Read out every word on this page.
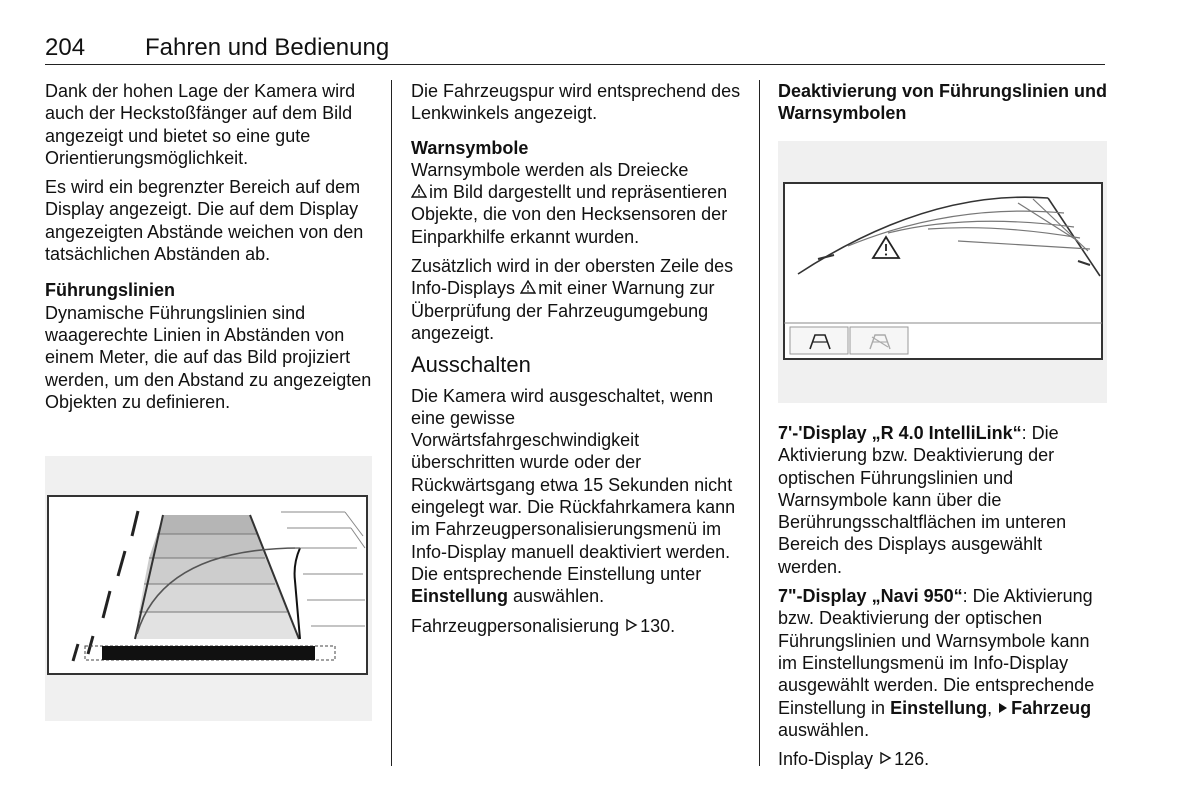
204 Fahren und Bedienung

Dank der hohen Lage der Kamera wird auch der Heckstoßfänger auf dem Bild angezeigt und bietet so eine gute Orientierungsmöglichkeit.

Es wird ein begrenzter Bereich auf dem Display angezeigt. Die auf dem Display angezeigten Abstände weichen von den tatsächlichen Abständen ab.

Führungslinien

Dynamische Führungslinien sind waagerechte Linien in Abständen von einem Meter, die auf das Bild projiziert werden, um den Abstand zu angezeigten Objekten zu definieren.

Die Fahrzeugspur wird entsprechend des Lenkwinkels angezeigt.

Warnsymbole

Warnsymbole werden als Dreiecke
im Bild dargestellt und repräsentieren Objekte, die von den Hecksensoren der Einparkhilfe erkannt wurden.

Zusätzlich wird in der obersten Zeile des Info-Displays mit einer Warnung zur Überprüfung der Fahrzeugumgebung angezeigt.

Ausschalten

Die Kamera wird ausgeschaltet, wenn eine gewisse Vorwärtsfahrgeschwindigkeit überschritten wurde oder der Rückwärtsgang etwa 15 Sekunden nicht eingelegt war. Die Rückfahrkamera kann im Fahrzeugpersonalisierungsmenü im Info-Display manuell deaktiviert werden. Die entsprechende Einstellung unter Einstellung auswählen.

Fahrzeugpersonalisierung 130.

Deaktivierung von Führungslinien und Warnsymbolen

7'-'Display „R 4.0 IntelliLink“: Die Aktivierung bzw. Deaktivierung der optischen Führungslinien und Warnsymbole kann über die Berührungsschaltflächen im unteren Bereich des Displays ausgewählt werden.

7"-Display „Navi 950“: Die Aktivierung bzw. Deaktivierung der optischen Führungslinien und Warnsymbole kann im Einstellungsmenü im Info-Display ausgewählt werden. Die entsprechende Einstellung in Einstellung, Fahrzeug auswählen.

Info-Display 126.
